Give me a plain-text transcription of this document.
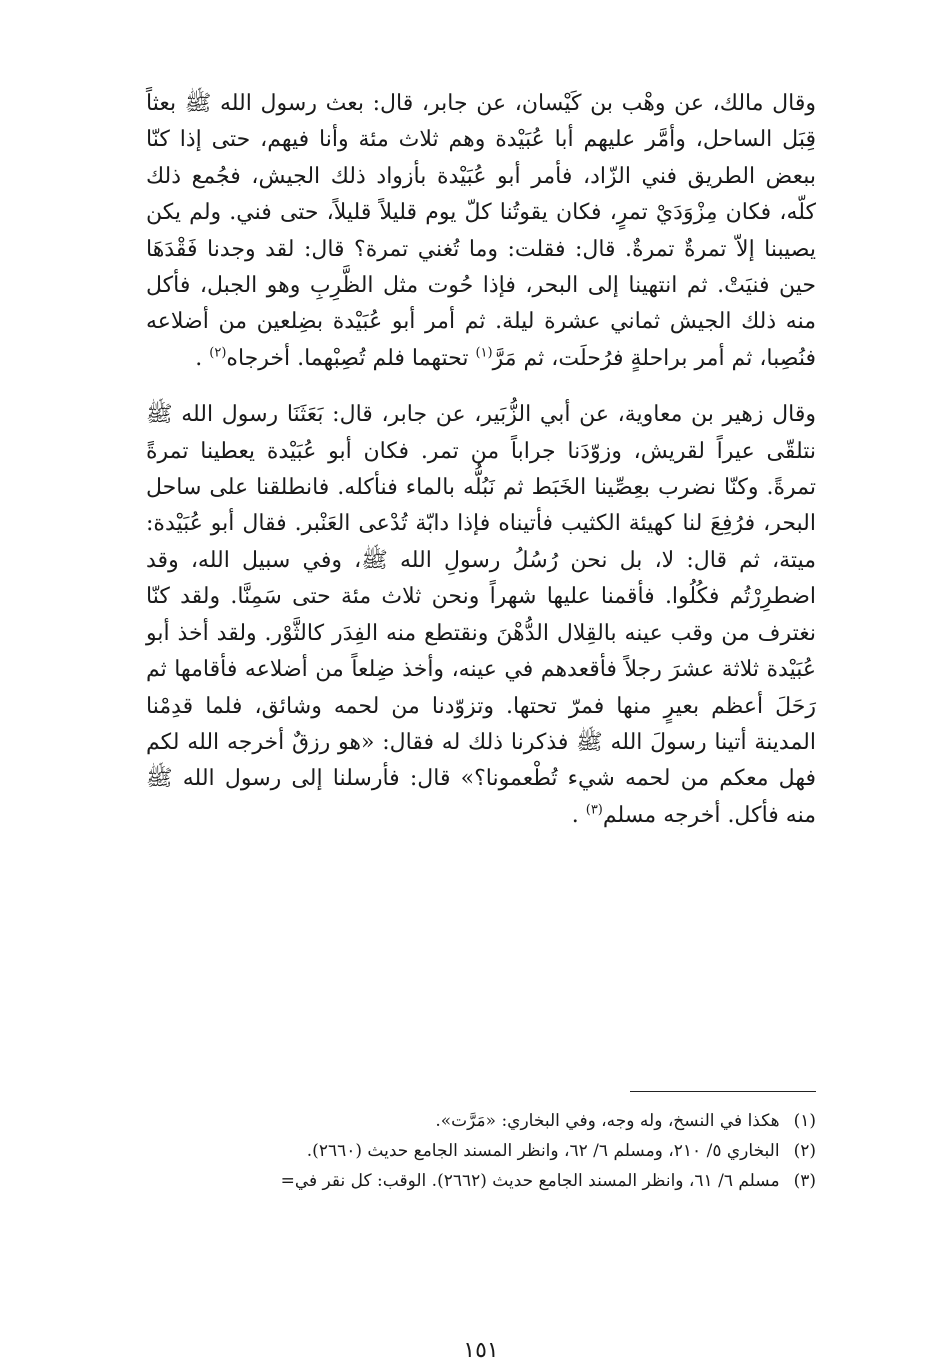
وقال مالك، عن وهْب بن كَيْسان، عن جابر، قال: بعث رسول الله ﷺ بعثاً قِبَل الساحل، وأمَّر عليهم أبا عُبَيْدة وهم ثلاث مئة وأنا فيهم، حتى إذا كنّا ببعض الطريق فني الزّاد، فأمر أبو عُبَيْدة بأزواد ذلك الجيش، فجُمع ذلك كلّه، فكان مِزْوَدَيْ تمرٍ، فكان يقوتُنا كلّ يوم قليلاً قليلاً، حتى فني. ولم يكن يصيبنا إلاّ تمرةٌ تمرةٌ. قال: فقلت: وما تُغني تمرة؟ قال: لقد وجدنا فَقْدَهَا حين فنيَتْ. ثم انتهينا إلى البحر، فإذا حُوت مثل الظَّرِبِ وهو الجبل، فأكل منه ذلك الجيش ثماني عشرة ليلة. ثم أمر أبو عُبَيْدة بضِلعين من أضلاعه فنُصِبا، ثم أمر براحلةٍ فرُحلَت، ثم مَرَّ$^{(١)}$ تحتهما فلم تُصِبْهما. أخرجاه$^{(٢)}$ .

وقال زهير بن معاوية، عن أبي الزُّبَير، عن جابر، قال: بَعَثَنَا رسول الله ﷺ نتلقّى عيراً لقريش، وزوّدَنا جراباً من تمر. فكان أبو عُبَيْدة يعطينا تمرةً تمرةً. وكنّا نضرب بعِصِّينا الخَبَط ثم نَبُلُّه بالماء فنأكله. فانطلقنا على ساحل البحر، فرُفِعَ لنا كهيئة الكثيب فأتيناه فإذا دابّة تُدْعى العَنْبر. فقال أبو عُبَيْدة: ميتة، ثم قال: لا، بل نحن رُسُلُ رسولِ الله ﷺ، وفي سبيل الله، وقد اضطرِرْتُم فكُلُوا. فأقمنا عليها شهراً ونحن ثلاث مئة حتى سَمِنَّا. ولقد كنّا نغترف من وقب عينه بالقِلال الدُّهْنَ ونقتطع منه الفِدَر كالثَّوْر. ولقد أخذ أبو عُبَيْدة ثلاثة عشرَ رجلاً فأقعدهم في عينه، وأخذ ضِلعاً من أضلاعه فأقامها ثم رَحَلَ أعظم بعيرٍ منها فمرّ تحتها. وتزوّدنا من لحمه وشائق، فلما قدِمْنا المدينة أتينا رسولَ الله ﷺ فذكرنا ذلك له فقال: «هو رزقٌ أخرجه الله لكم فهل معكم من لحمه شيء تُطْعمونا؟» قال: فأرسلنا إلى رسول الله ﷺ منه فأكل. أخرجه مسلم$^{(٣)}$ .

(١)
هكذا في النسخ، وله وجه، وفي البخاري: «مَرَّت».
(٢)
البخاري ٥/ ٢١٠، ومسلم ٦/ ٦٢، وانظر المسند الجامع حديث (٢٦٦٠).
(٣)
مسلم ٦/ ٦١، وانظر المسند الجامع حديث (٢٦٦٢). الوقب: كل نقر في=
١٥١
